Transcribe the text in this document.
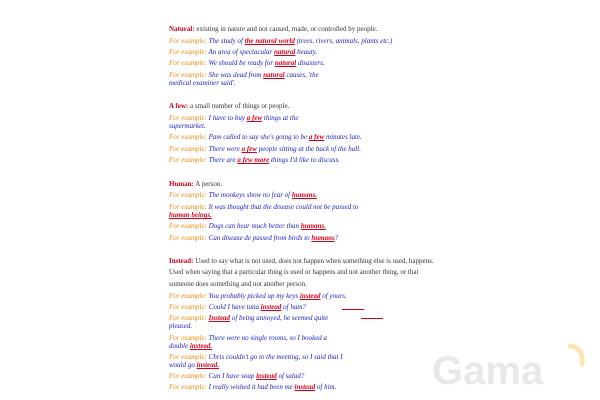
Natural: existing in nature and not caused, made, or controlled by people.
For example: The study of the natural world (trees, rivers, animals, plants etc.)
For example: An area of spectacular natural beauty.
For example: We should be ready for natural disasters.
For example: She was dead from natural causes, 'the
medical examiner said'.
A few: a small number of things or people.
For example: I have to buy a few things at the
supermarket.
For example: Pam called to say she's going to be a few minutes late.
For example: There were a few people sitting at the back of the hall.
For example: There are a few more things I'd like to discuss.
Human: A person.
For example: The monkeys show no fear of humans.
For example: It was thought that the disease could not be passed to
human beings.
For example: Dogs can hear much better than humans.
For example: Can disease de passed from birds to humans?
Instead: Used to say what is not used, does not happen when something else is used, happens.
Used when saying that a particular thing is used or happens and not another thing, or that
someone does something and not another person.
For example: You probably picked up my keys instead of yours.
For example: Could I have tuna instead of ham?
For example: Instead of being annoyed, he seemed quite
pleased.
For example: There were no single rooms, so I booked a
double instead.
For example: Chris couldn't go to the meeting, so I said that I
would go instead.
For example: Can I have soup instead of salad?
For example: I really wished it had been me instead of him. Gama
